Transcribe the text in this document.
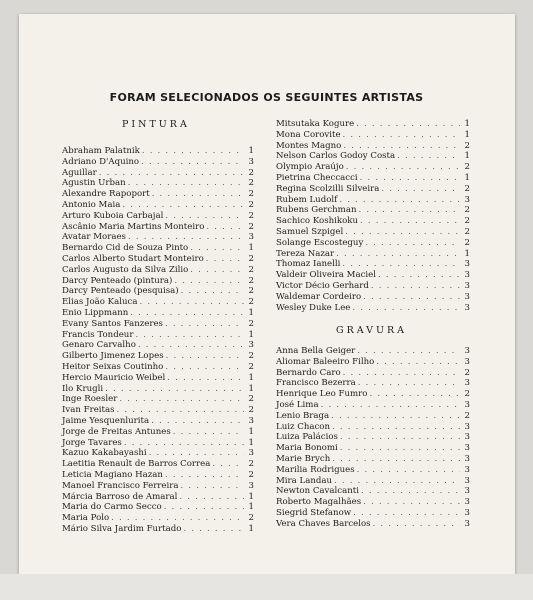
FORAM SELECIONADOS OS SEGUINTES ARTISTAS
PINTURA
Abraham Palatnik . . .	1
Adriano D'Aquino . . .	3
Aguillar . . .	2
Agustin Urban . . .	2
Alexandre Rapoport . . .	2
Antonio Maia . . .	2
Arturo Kuboia Carbajal . . .	2
Ascânio Maria Martins Monteiro . . .	2
Avatar Moraes . . .	3
Bernardo Cid de Souza Pinto . . .	1
Carlos Alberto Studart Monteiro . . .	2
Carlos Augusto da Silva Zilio . . .	2
Darcy Penteado (pintura) . . .	2
Darcy Penteado (pesquisa) . . .	2
Elias João Kaluca . . .	2
Enio Lippmann . . .	1
Evany Santos Fanzeres . . .	2
Francis Tondeur . . .	1
Genaro Carvalho . . .	3
Gilberto Jimenez Lopes . . .	2
Heitor Seixas Coutinho . . .	2
Hercio Mauricio Weibel . . .	1
Ilo Krugli . . .	1
Inge Roesler . . .	2
Ivan Freitas . . .	2
Jaime Yesquenlurita . . .	3
Jorge de Freitas Antunes . . .	1
Jorge Tavares . . .	1
Kazuo Kakabayashi . . .	3
Laetitia Renault de Barros Correa . . .	2
Leticia Magiano Hazan . . .	2
Manoel Francisco Ferreira . . .	3
Márcia Barroso de Amaral . . .	1
Maria do Carmo Secco . . .	1
Maria Polo . . .	2
Mário Silva Jardim Furtado . . .	1
Mitsutaka Kogure . . .	1
Mona Corovite . . .	1
Montes Magno . . .	2
Nelson Carlos Godoy Costa . . .	1
Olympio Araújo . . .	2
Pietrina Checcacci . . .	1
Regina Scolzilli Silveira . . .	2
Rubem Ludolf . . .	3
Rubens Gerchman . . .	2
Sachico Koshikoku . . .	2
Samuel Szpigel . . .	2
Solange Escosteguy . . .	2
Tereza Nazar . . .	1
Thomaz Ianelli . . .	3
Valdeir Oliveira Maciel . . .	3
Victor Décio Gerhard . . .	3
Waldemar Cordeiro . . .	3
Wesley Duke Lee . . .	3
GRAVURA
Anna Bella Geiger . . .	3
Aliomar Baleeiro Filho . . .	3
Bernardo Caro . . .	2
Francisco Bezerra . . .	3
Henrique Leo Fumro . . .	2
José Lima . . .	3
Lenio Braga . . .	2
Luiz Chacon . . .	3
Luiza Palácios . . .	3
Maria Bonomi . . .	3
Marie Brych . . .	3
Marilia Rodrigues . . .	3
Mira Landau . . .	3
Newton Cavalcanti . . .	3
Roberto Magalhães . . .	3
Siegrid Stefanow . . .	3
Vera Chaves Barcelos . . .	3
